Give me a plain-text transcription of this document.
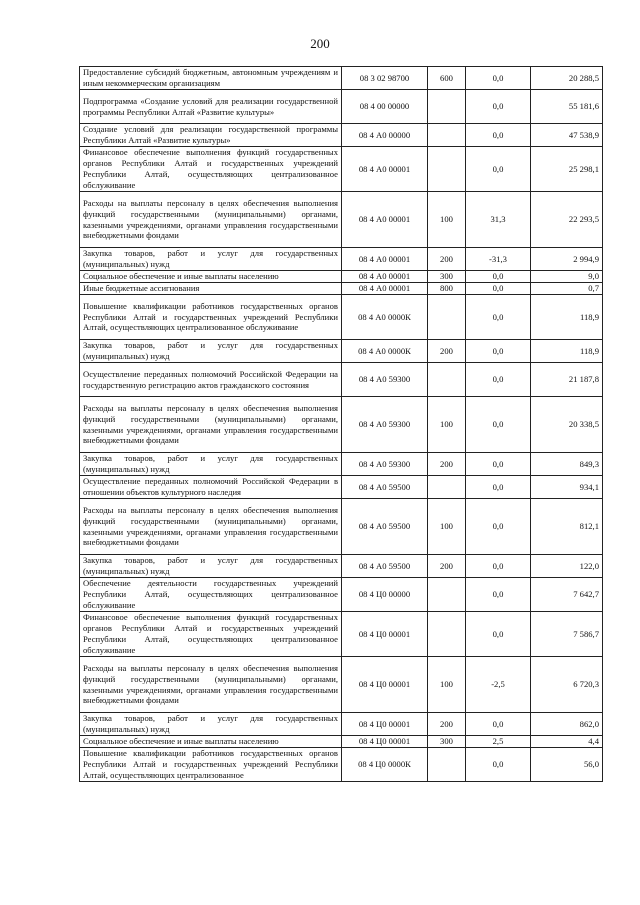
200
Предоставление субсидий бюджетным, автономным учреждениям и иным некоммерческим организациям	08 3 02 98700	600	0,0	20 288,5
Подпрограмма «Создание условий для реализации государственной программы Республики Алтай «Развитие культуры»	08 4 00 00000		0,0	55 181,6
Создание условий для реализации государственной программы Республики Алтай «Развитие культуры»	08 4 А0 00000		0,0	47 538,9
Финансовое обеспечение выполнения функций государственных органов Республики Алтай и государственных учреждений Республики Алтай, осуществляющих централизованное обслуживание	08 4 А0 00001		0,0	25 298,1
Расходы на выплаты персоналу в целях обеспечения выполнения функций государственными (муниципальными) органами, казенными учреждениями, органами управления государственными внебюджетными фондами	08 4 А0 00001	100	31,3	22 293,5
Закупка товаров, работ и услуг для государственных (муниципальных) нужд	08 4 А0 00001	200	-31,3	2 994,9
Социальное обеспечение и иные выплаты населению	08 4 А0 00001	300	0,0	9,0
Иные бюджетные ассигнования	08 4 А0 00001	800	0,0	0,7
Повышение квалификации работников государственных органов Республики Алтай и государственных учреждений Республики Алтай, осуществляющих централизованное обслуживание	08 4 А0 0000К		0,0	118,9
Закупка товаров, работ и услуг для государственных (муниципальных) нужд	08 4 А0 0000К	200	0,0	118,9
Осуществление переданных полномочий Российской Федерации на государственную регистрацию актов гражданского состояния	08 4 А0 59300		0,0	21 187,8
Расходы на выплаты персоналу в целях обеспечения выполнения функций государственными (муниципальными) органами, казенными учреждениями, органами управления государственными внебюджетными фондами	08 4 А0 59300	100	0,0	20 338,5
Закупка товаров, работ и услуг для государственных (муниципальных) нужд	08 4 А0 59300	200	0,0	849,3
Осуществление переданных полномочий Российской Федерации в отношении объектов культурного наследия	08 4 А0 59500		0,0	934,1
Расходы на выплаты персоналу в целях обеспечения выполнения функций государственными (муниципальными) органами, казенными учреждениями, органами управления государственными внебюджетными фондами	08 4 А0 59500	100	0,0	812,1
Закупка товаров, работ и услуг для государственных (муниципальных) нужд	08 4 А0 59500	200	0,0	122,0
Обеспечение деятельности государственных учреждений Республики Алтай, осуществляющих централизованное обслуживание	08 4 Ц0 00000		0,0	7 642,7
Финансовое обеспечение выполнения функций государственных органов Республики Алтай и государственных учреждений Республики Алтай, осуществляющих централизованное обслуживание	08 4 Ц0 00001		0,0	7 586,7
Расходы на выплаты персоналу в целях обеспечения выполнения функций государственными (муниципальными) органами, казенными учреждениями, органами управления государственными внебюджетными фондами	08 4 Ц0 00001	100	-2,5	6 720,3
Закупка товаров, работ и услуг для государственных (муниципальных) нужд	08 4 Ц0 00001	200	0,0	862,0
Социальное обеспечение и иные выплаты населению	08 4 Ц0 00001	300	2,5	4,4
Повышение квалификации работников государственных органов Республики Алтай и государственных учреждений Республики Алтай, осуществляющих централизованное	08 4 Ц0 0000К		0,0	56,0
